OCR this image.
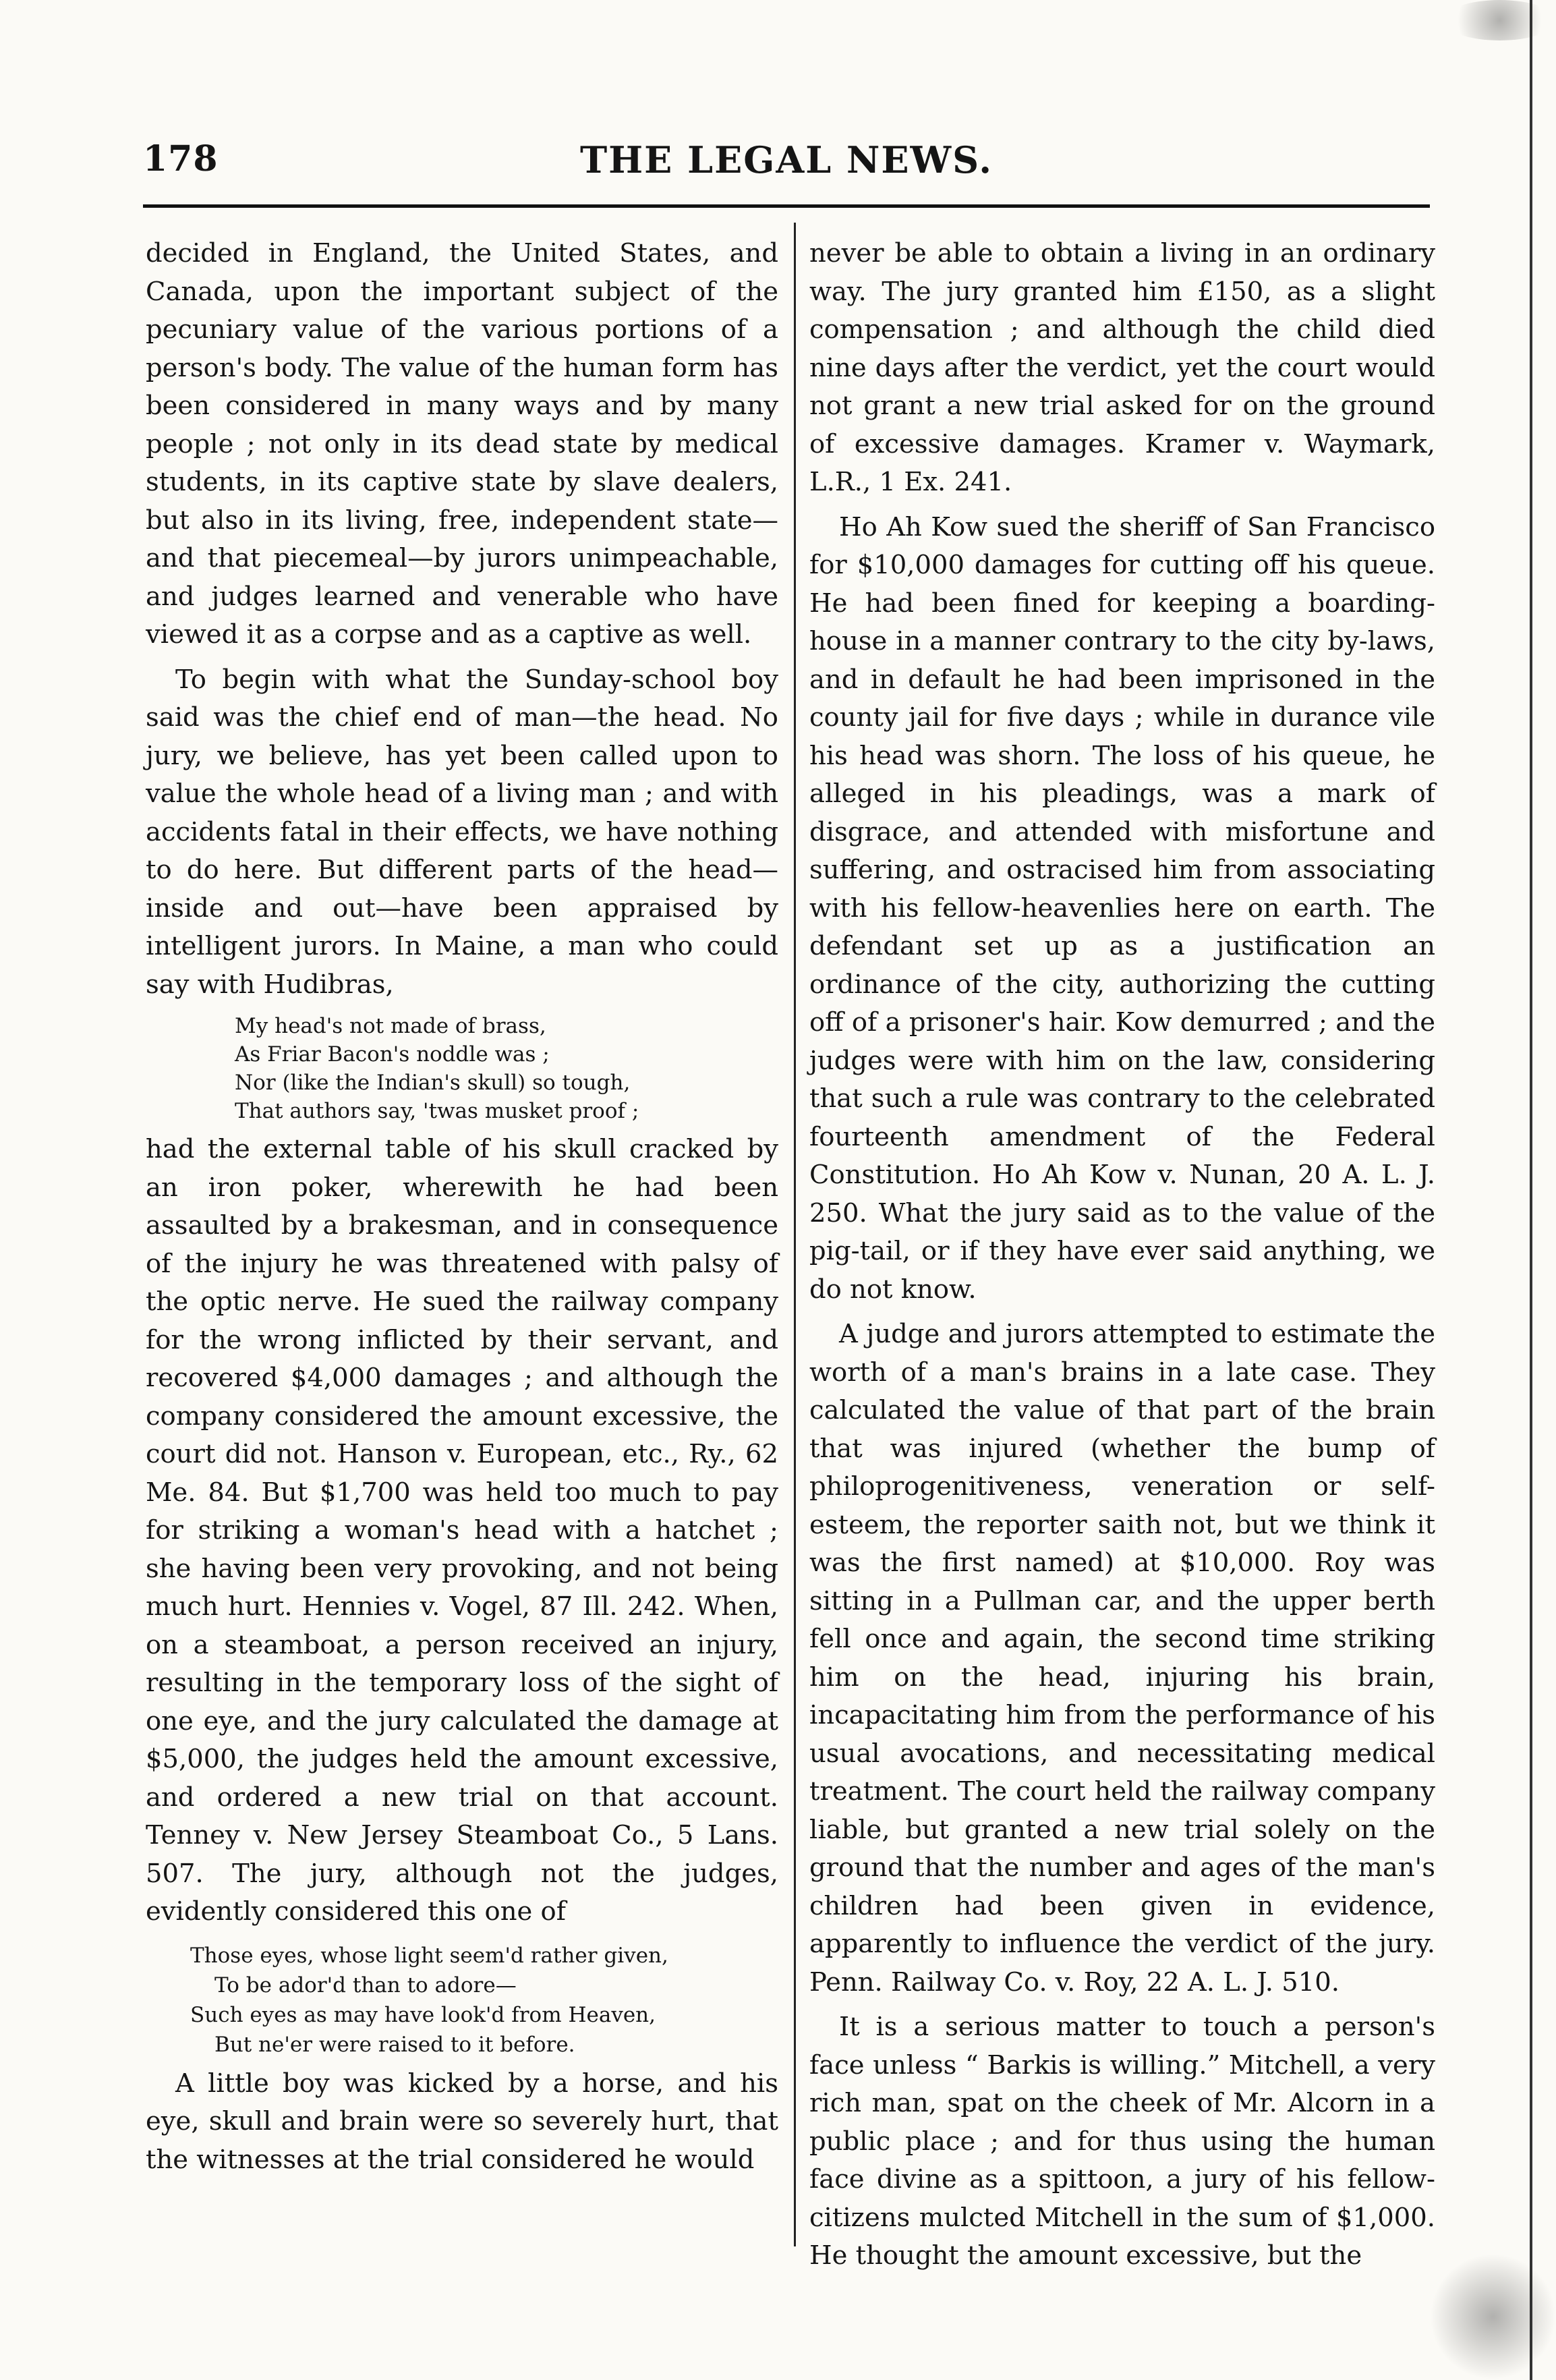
178	THE LEGAL NEWS.

decided in England, the United States, and Canada, upon the important subject of the pecuniary value of the various portions of a person's body. The value of the human form has been considered in many ways and by many people ; not only in its dead state by medical students, in its captive state by slave dealers, but also in its living, free, independent state—and that piecemeal—by jurors unimpeachable, and judges learned and venerable who have viewed it as a corpse and as a captive as well.

To begin with what the Sunday-school boy said was the chief end of man—the head. No jury, we believe, has yet been called upon to value the whole head of a living man ; and with accidents fatal in their effects, we have nothing to do here. But different parts of the head—inside and out—have been appraised by intelligent jurors. In Maine, a man who could say with Hudibras,

My head's not made of brass,
As Friar Bacon's noddle was ;
Nor (like the Indian's skull) so tough,
That authors say, 'twas musket proof ;

had the external table of his skull cracked by an iron poker, wherewith he had been assaulted by a brakesman, and in consequence of the injury he was threatened with palsy of the optic nerve. He sued the railway company for the wrong inflicted by their servant, and recovered $4,000 damages ; and although the company considered the amount excessive, the court did not. Hanson v. European, etc., Ry., 62 Me. 84. But $1,700 was held too much to pay for striking a woman's head with a hatchet ; she having been very provoking, and not being much hurt. Hennies v. Vogel, 87 Ill. 242. When, on a steamboat, a person received an injury, resulting in the temporary loss of the sight of one eye, and the jury calculated the damage at $5,000, the judges held the amount excessive, and ordered a new trial on that account. Tenney v. New Jersey Steamboat Co., 5 Lans. 507. The jury, although not the judges, evidently considered this one of

Those eyes, whose light seem'd rather given,
To be ador'd than to adore—
Such eyes as may have look'd from Heaven,
But ne'er were raised to it before.

A little boy was kicked by a horse, and his eye, skull and brain were so severely hurt, that the witnesses at the trial considered he would

never be able to obtain a living in an ordinary way. The jury granted him £150, as a slight compensation ; and although the child died nine days after the verdict, yet the court would not grant a new trial asked for on the ground of excessive damages. Kramer v. Waymark, L.R., 1 Ex. 241.

Ho Ah Kow sued the sheriff of San Francisco for $10,000 damages for cutting off his queue. He had been fined for keeping a boarding-house in a manner contrary to the city by-laws, and in default he had been imprisoned in the county jail for five days ; while in durance vile his head was shorn. The loss of his queue, he alleged in his pleadings, was a mark of disgrace, and attended with misfortune and suffering, and ostracised him from associating with his fellow-heavenlies here on earth. The defendant set up as a justification an ordinance of the city, authorizing the cutting off of a prisoner's hair. Kow demurred ; and the judges were with him on the law, considering that such a rule was contrary to the celebrated fourteenth amendment of the Federal Constitution. Ho Ah Kow v. Nunan, 20 A. L. J. 250. What the jury said as to the value of the pig-tail, or if they have ever said anything, we do not know.

A judge and jurors attempted to estimate the worth of a man's brains in a late case. They calculated the value of that part of the brain that was injured (whether the bump of philoprogenitiveness, veneration or self-esteem, the reporter saith not, but we think it was the first named) at $10,000. Roy was sitting in a Pullman car, and the upper berth fell once and again, the second time striking him on the head, injuring his brain, incapacitating him from the performance of his usual avocations, and necessitating medical treatment. The court held the railway company liable, but granted a new trial solely on the ground that the number and ages of the man's children had been given in evidence, apparently to influence the verdict of the jury. Penn. Railway Co. v. Roy, 22 A. L. J. 510.

It is a serious matter to touch a person's face unless “ Barkis is willing.” Mitchell, a very rich man, spat on the cheek of Mr. Alcorn in a public place ; and for thus using the human face divine as a spittoon, a jury of his fellow-citizens mulcted Mitchell in the sum of $1,000. He thought the amount excessive, but the
